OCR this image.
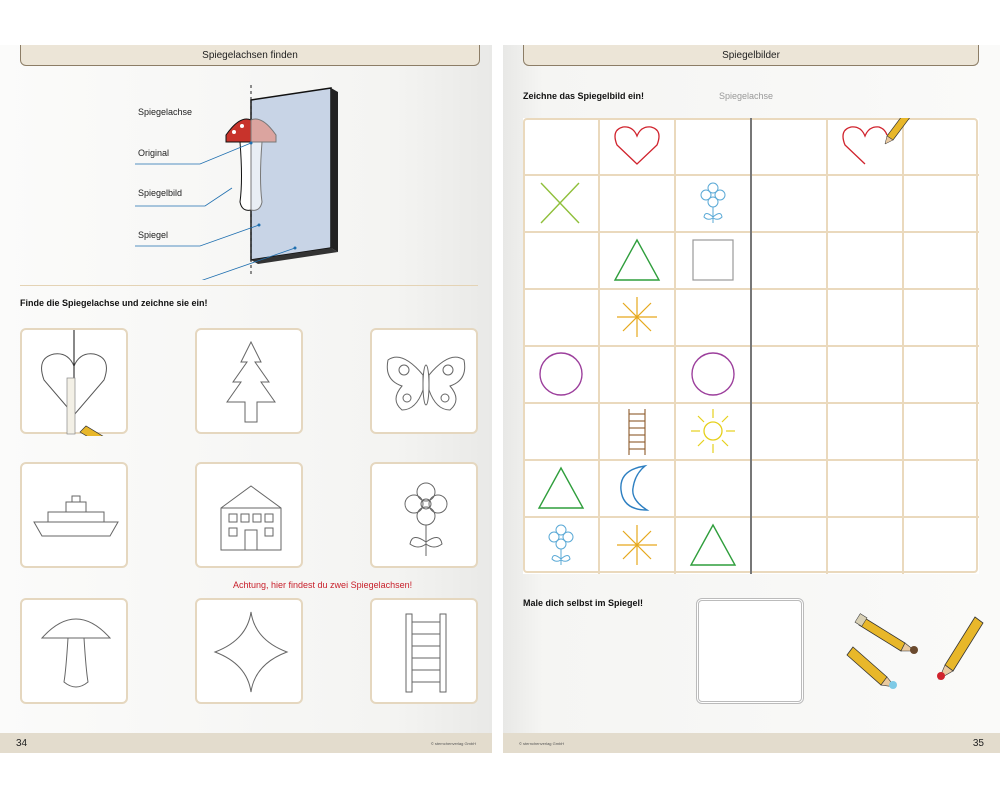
Spiegelachsen finden
Spiegelachse
Original
Spiegelbild
Spiegel
Finde die Spiegelachse und zeichne sie ein!
Achtung, hier findest du zwei Spiegelachsen!
34	© sternchenverlag GmbH
Spiegelbilder
Zeichne das Spiegelbild ein!	Spiegelachse
Male dich selbst im Spiegel!
© sternchenverlag GmbH	35
